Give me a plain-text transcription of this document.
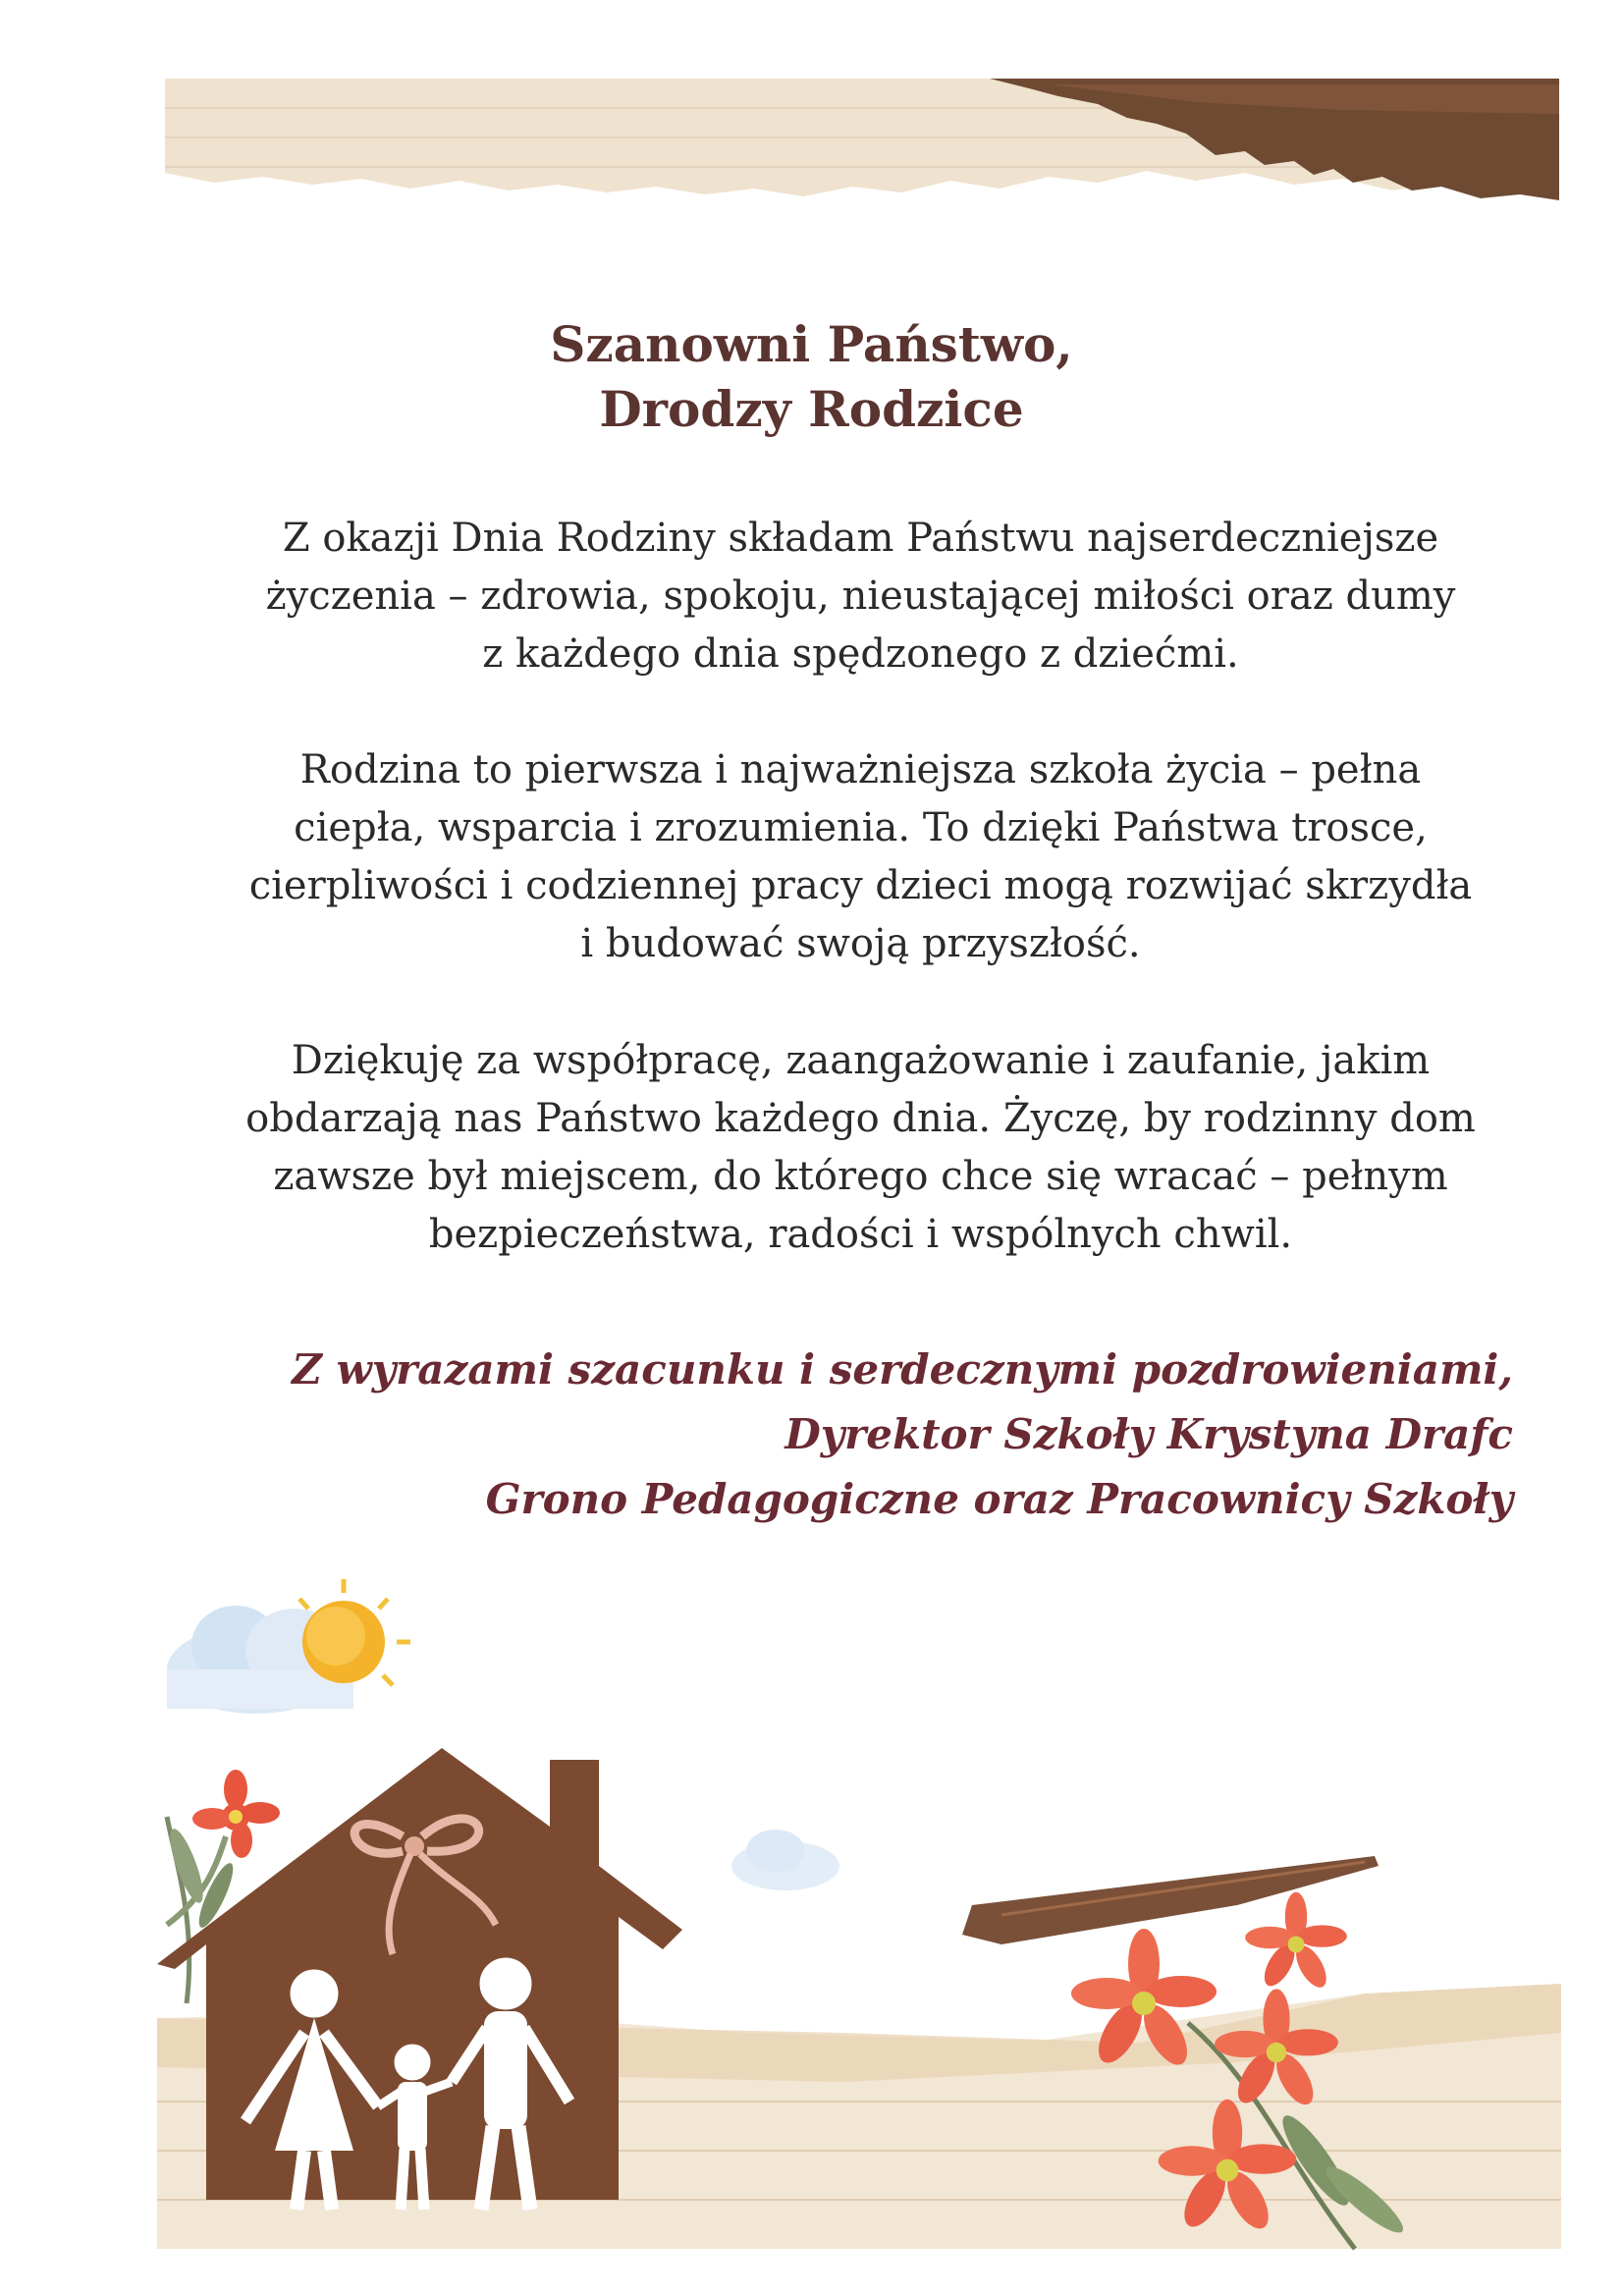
Szanowni Państwo,
Drodzy Rodzice
Z okazji Dnia Rodziny składam Państwu najserdeczniejsze
życzenia – zdrowia, spokoju, nieustającej miłości oraz dumy
z każdego dnia spędzonego z dziećmi.
Rodzina to pierwsza i najważniejsza szkoła życia – pełna
ciepła, wsparcia i zrozumienia. To dzięki Państwa trosce,
cierpliwości i codziennej pracy dzieci mogą rozwijać skrzydła
i budować swoją przyszłość.
Dziękuję za współpracę, zaangażowanie i zaufanie, jakim
obdarzają nas Państwo każdego dnia. Życzę, by rodzinny dom
zawsze był miejscem, do którego chce się wracać – pełnym
bezpieczeństwa, radości i wspólnych chwil.
Z wyrazami szacunku i serdecznymi pozdrowieniami,
Dyrektor Szkoły Krystyna Drafc
Grono Pedagogiczne oraz Pracownicy Szkoły
